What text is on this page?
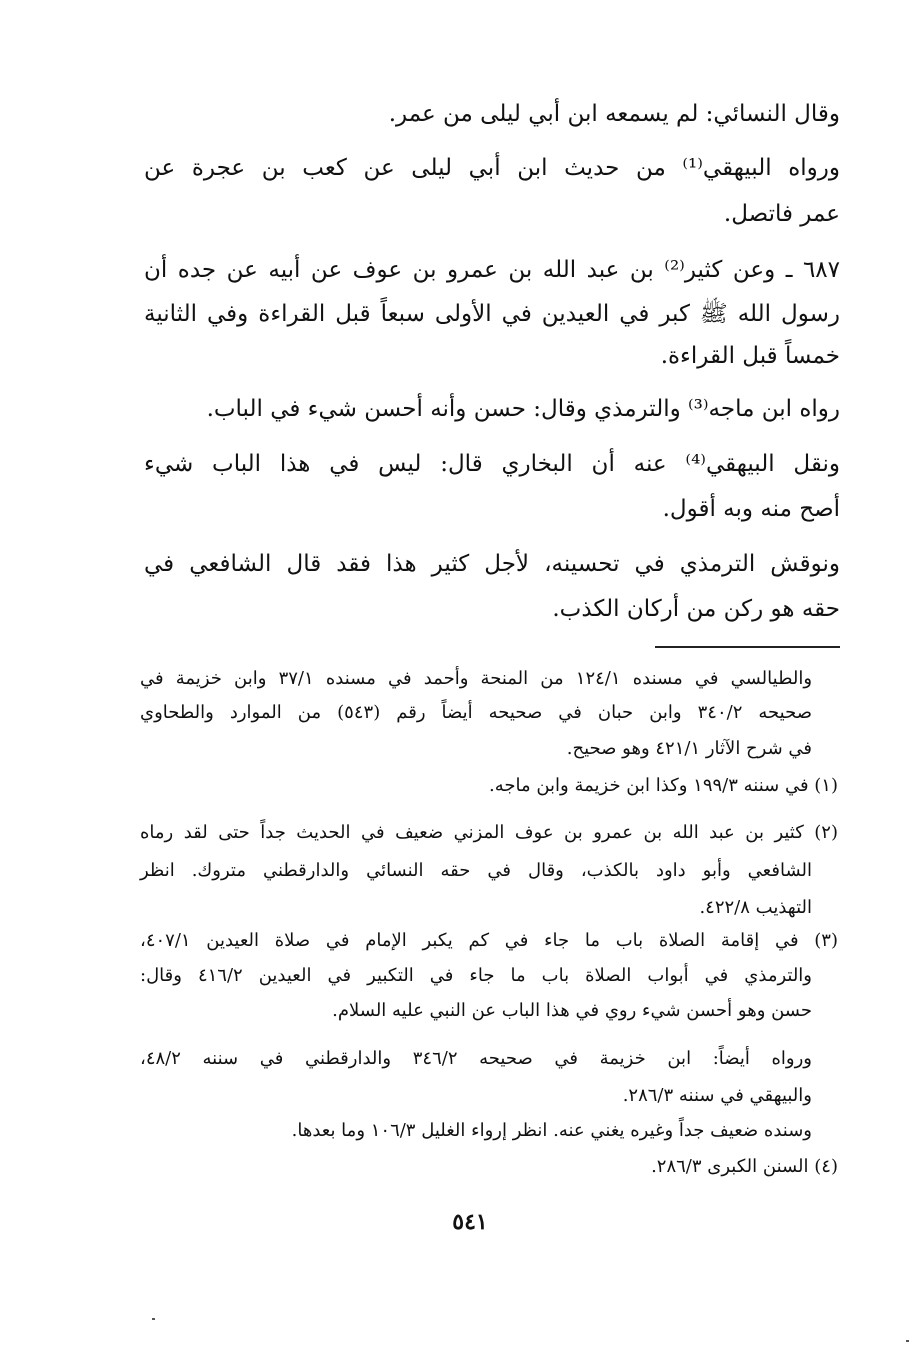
وقال النسائي: لم يسمعه ابن أبي ليلى من عمر.
ورواه البيهقي⁽¹⁾ من حديث ابن أبي ليلى عن كعب بن عجرة عن
عمر فاتصل.
٦٨٧ ـ وعن كثير⁽²⁾ بن عبد الله بن عمرو بن عوف عن أبيه عن جده أن
رسول الله ﷺ كبر في العيدين في الأولى سبعاً قبل القراءة وفي الثانية
خمساً قبل القراءة.
رواه ابن ماجه⁽³⁾ والترمذي وقال: حسن وأنه أحسن شيء في الباب.
ونقل البيهقي⁽⁴⁾ عنه أن البخاري قال: ليس في هذا الباب شيء
أصح منه وبه أقول.
ونوقش الترمذي في تحسينه، لأجل كثير هذا فقد قال الشافعي في
حقه هو ركن من أركان الكذب.
والطيالسي في مسنده ١٢٤/١ من المنحة وأحمد في مسنده ٣٧/١ وابن خزيمة في
صحيحه ٣٤٠/٢ وابن حبان في صحيحه أيضاً رقم (٥٤٣) من الموارد والطحاوي
في شرح الآثار ٤٢١/١ وهو صحيح.
(١) في سننه ١٩٩/٣ وكذا ابن خزيمة وابن ماجه.
(٢) كثير بن عبد الله بن عمرو بن عوف المزني ضعيف في الحديث جداً حتى لقد رماه
الشافعي وأبو داود بالكذب، وقال في حقه النسائي والدارقطني متروك. انظر
التهذيب ٤٢٢/٨.
(٣) في إقامة الصلاة باب ما جاء في كم يكبر الإمام في صلاة العيدين ٤٠٧/١،
والترمذي في أبواب الصلاة باب ما جاء في التكبير في العيدين ٤١٦/٢ وقال:
حسن وهو أحسن شيء روي في هذا الباب عن النبي عليه السلام.
ورواه أيضاً: ابن خزيمة في صحيحه ٣٤٦/٢ والدارقطني في سننه ٤٨/٢،
والبيهقي في سننه ٢٨٦/٣.
وسنده ضعيف جداً وغيره يغني عنه. انظر إرواء الغليل ١٠٦/٣ وما بعدها.
(٤) السنن الكبرى ٢٨٦/٣.
٥٤١
